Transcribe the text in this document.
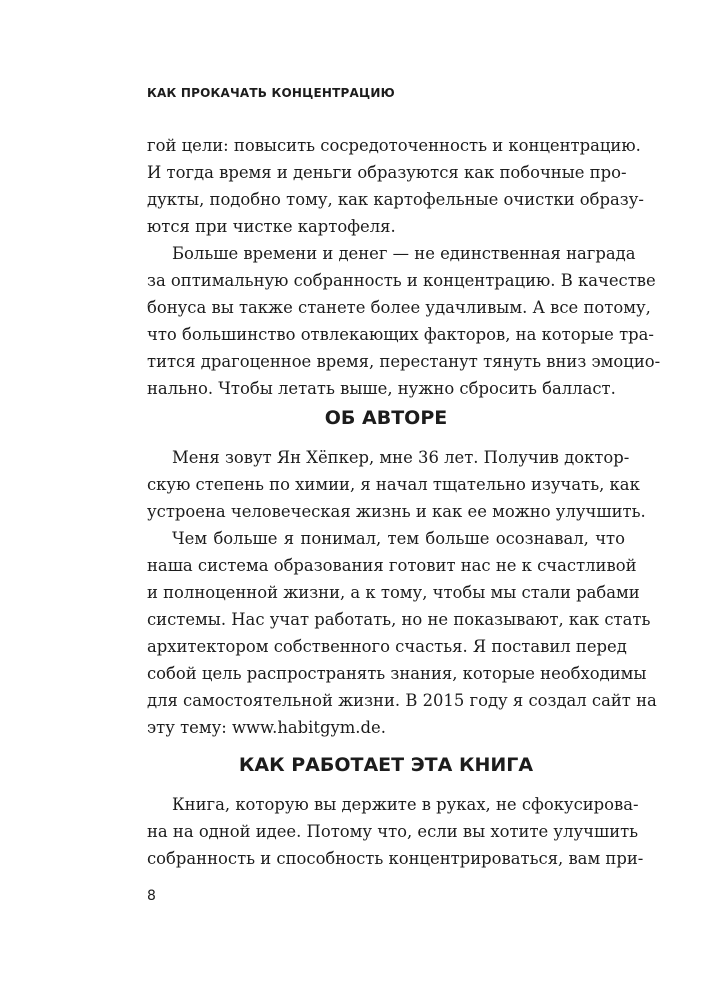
КАК ПРОКАЧАТЬ КОНЦЕНТРАЦИЮ
гой цели: повысить сосредоточенность и концентрацию.
И тогда время и деньги образуются как побочные про-
дукты, подобно тому, как картофельные очистки образу-
ются при чистке картофеля.
Больше времени и денег — не единственная награда
за оптимальную собранность и концентрацию. В качестве
бонуса вы также станете более удачливым. А все потому,
что большинство отвлекающих факторов, на которые тра-
тится драгоценное время, перестанут тянуть вниз эмоцио-
нально. Чтобы летать выше, нужно сбросить балласт.
ОБ АВТОРЕ
Меня зовут Ян Хёпкер, мне 36 лет. Получив доктор-
скую степень по химии, я начал тщательно изучать, как
устроена человеческая жизнь и как ее можно улучшить.
Чем больше я понимал, тем больше осознавал, что
наша система образования готовит нас не к счастливой
и полноценной жизни, а к тому, чтобы мы стали рабами
системы. Нас учат работать, но не показывают, как стать
архитектором собственного счастья. Я поставил перед
собой цель распространять знания, которые необходимы
для самостоятельной жизни. В 2015 году я создал сайт на
эту тему: www.habitgym.de.
КАК РАБОТАЕТ ЭТА КНИГА
Книга, которую вы держите в руках, не сфокусирова-
на на одной идее. Потому что, если вы хотите улучшить
собранность и способность концентрироваться, вам при-
8
